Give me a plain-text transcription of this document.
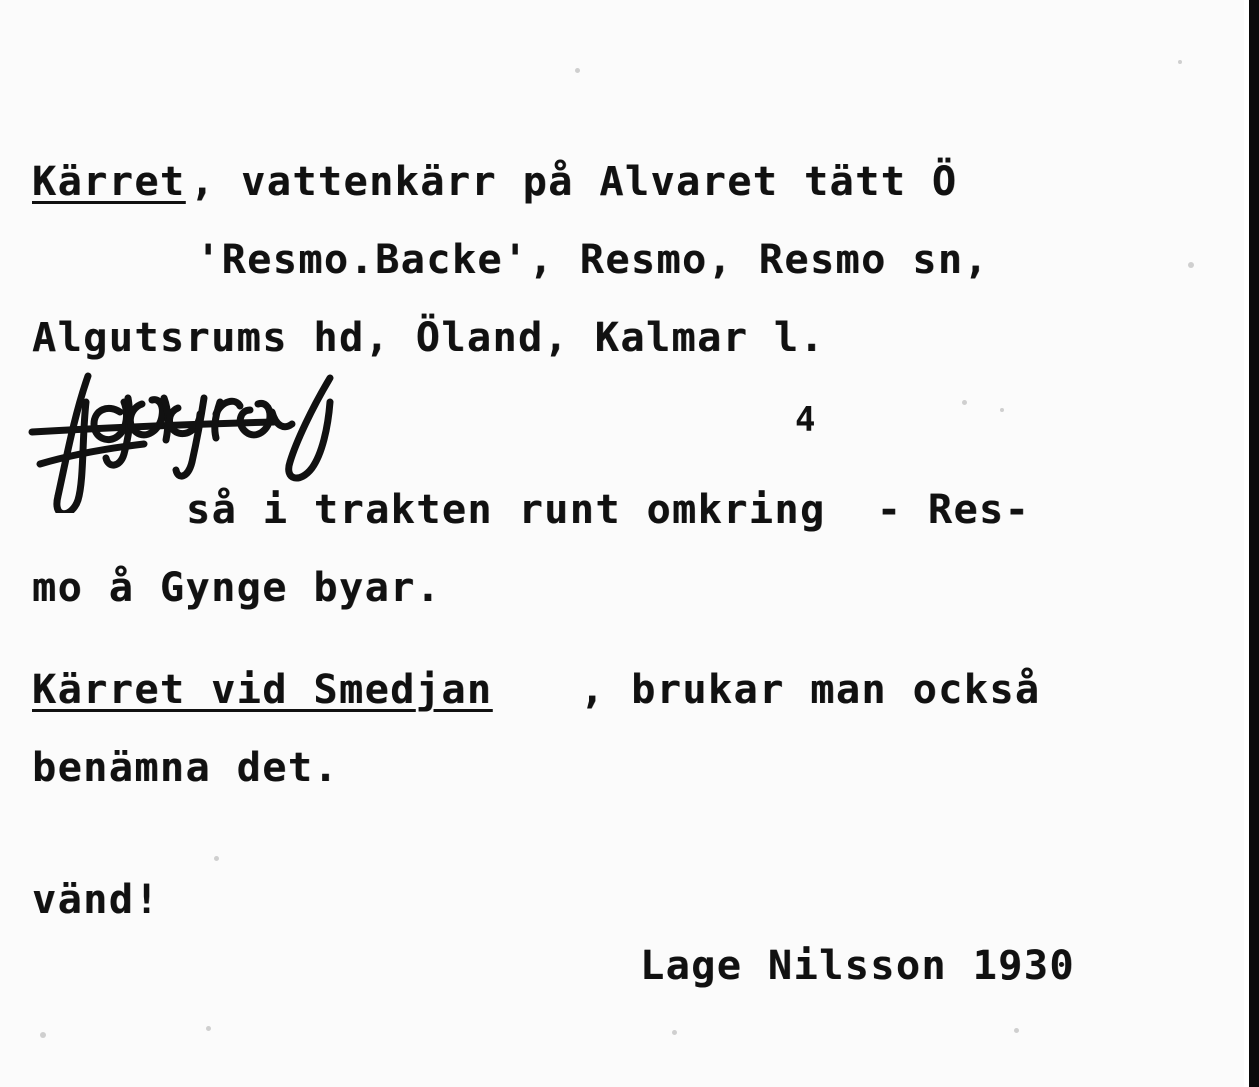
Kärret , vattenkärr på Alvaret tätt Ö
'Resmo.Backe', Resmo, Resmo sn,
Algutsrums hd, Öland, Kalmar l.
4
så i trakten runt omkring  - Res-
mo å Gynge byar.
Kärret vid Smedjan , brukar man också
benämna det.
vänd!
Lage Nilsson 1930
